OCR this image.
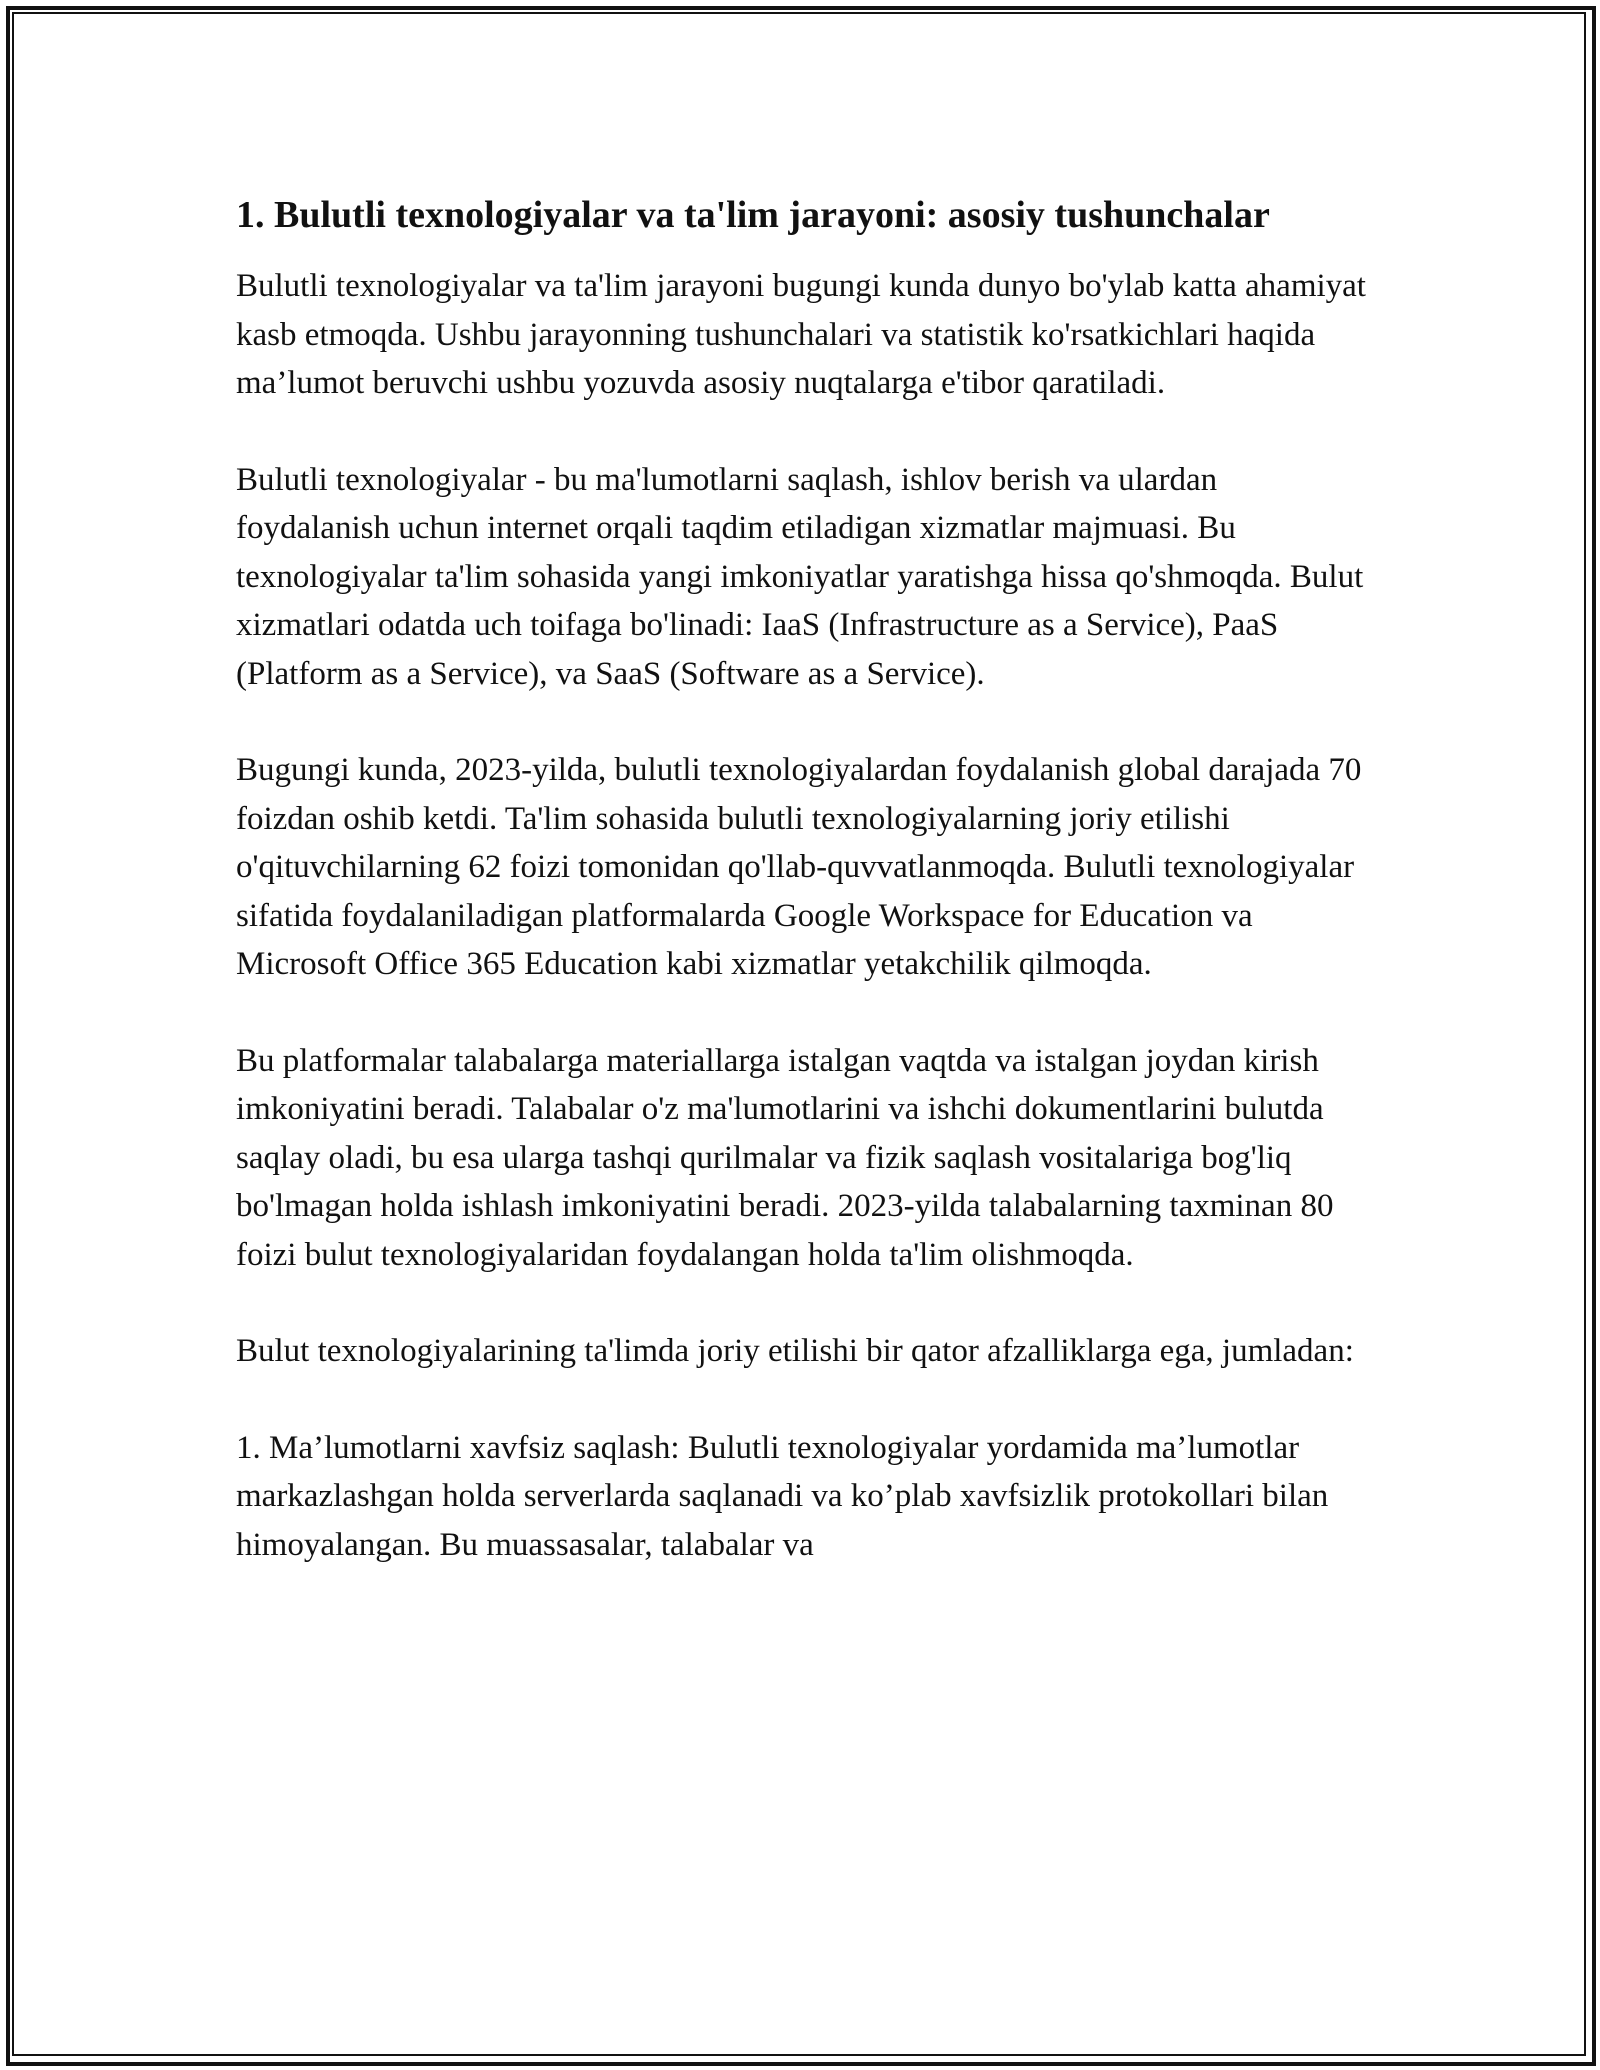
1. Bulutli texnologiyalar va ta'lim jarayoni: asosiy tushunchalar

Bulutli texnologiyalar va ta'lim jarayoni bugungi kunda dunyo bo'ylab katta ahamiyat kasb etmoqda. Ushbu jarayonning tushunchalari va statistik ko'rsatkichlari haqida ma’lumot beruvchi ushbu yozuvda asosiy nuqtalarga e'tibor qaratiladi.

Bulutli texnologiyalar - bu ma'lumotlarni saqlash, ishlov berish va ulardan foydalanish uchun internet orqali taqdim etiladigan xizmatlar majmuasi. Bu texnologiyalar ta'lim sohasida yangi imkoniyatlar yaratishga hissa qo'shmoqda. Bulut xizmatlari odatda uch toifaga bo'linadi: IaaS (Infrastructure as a Service), PaaS (Platform as a Service), va SaaS (Software as a Service).

Bugungi kunda, 2023-yilda, bulutli texnologiyalardan foydalanish global darajada 70 foizdan oshib ketdi. Ta'lim sohasida bulutli texnologiyalarning joriy etilishi o'qituvchilarning 62 foizi tomonidan qo'llab-quvvatlanmoqda. Bulutli texnologiyalar sifatida foydalaniladigan platformalarda Google Workspace for Education va Microsoft Office 365 Education kabi xizmatlar yetakchilik qilmoqda.

Bu platformalar talabalarga materiallarga istalgan vaqtda va istalgan joydan kirish imkoniyatini beradi. Talabalar o'z ma'lumotlarini va ishchi dokumentlarini bulutda saqlay oladi, bu esa ularga tashqi qurilmalar va fizik saqlash vositalariga bog'liq bo'lmagan holda ishlash imkoniyatini beradi. 2023-yilda talabalarning taxminan 80 foizi bulut texnologiyalaridan foydalangan holda ta'lim olishmoqda.

Bulut texnologiyalarining ta'limda joriy etilishi bir qator afzalliklarga ega, jumladan:

1. Ma’lumotlarni xavfsiz saqlash: Bulutli texnologiyalar yordamida ma’lumotlar markazlashgan holda serverlarda saqlanadi va ko’plab xavfsizlik protokollari bilan himoyalangan. Bu muassasalar, talabalar va
